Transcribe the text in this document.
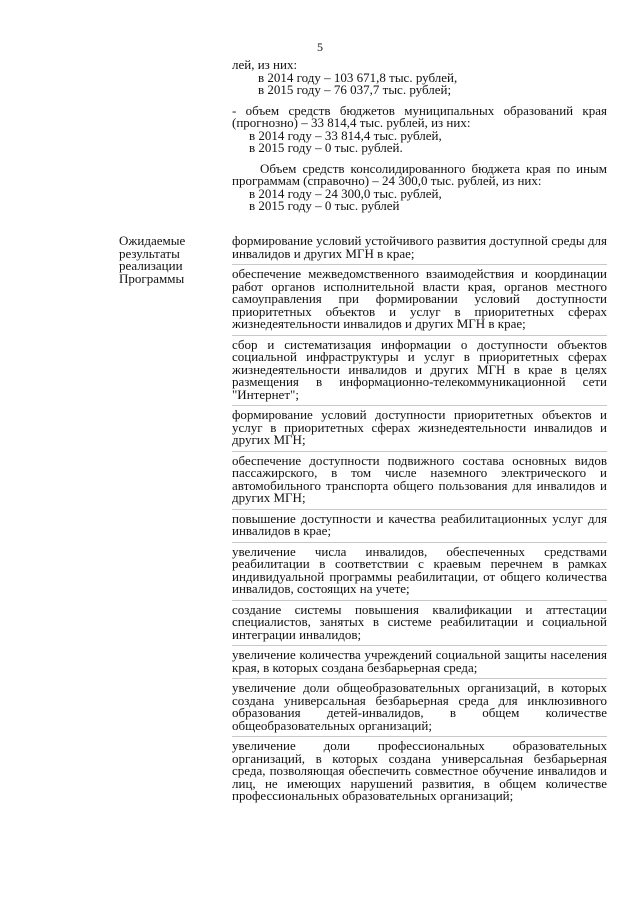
5
лей, из них:
в 2014 году – 103 671,8 тыс. рублей,
в 2015 году – 76 037,7 тыс. рублей;
- объем средств бюджетов муниципальных образований края (прогнозно) – 33 814,4 тыс. рублей, из них:
в 2014 году – 33 814,4 тыс. рублей,
в 2015 году – 0 тыс. рублей.
Объем средств консолидированного бюджета края по иным программам (справочно) – 24 300,0 тыс. рублей, из них:
в 2014 году – 24 300,0 тыс. рублей,
в 2015 году – 0 тыс. рублей
Ожидаемые результаты реализации Программы
формирование условий устойчивого развития доступной среды для инвалидов и других МГН в крае;
обеспечение межведомственного взаимодействия и координации работ органов исполнительной власти края, органов местного самоуправления при формировании условий доступности приоритетных объектов и услуг в приоритетных сферах жизнедеятельности инвалидов и других МГН в крае;
сбор и систематизация информации о доступности объектов социальной инфраструктуры и услуг в приоритетных сферах жизнедеятельности инвалидов и других МГН в крае в целях размещения в информационно-телекоммуникационной сети "Интернет";
формирование условий доступности приоритетных объектов и услуг в приоритетных сферах жизнедеятельности инвалидов и других МГН;
обеспечение доступности подвижного состава основных видов пассажирского, в том числе наземного электрического и автомобильного транспорта общего пользования для инвалидов и других МГН;
повышение доступности и качества реабилитационных услуг для инвалидов в крае;
увеличение числа инвалидов, обеспеченных средствами реабилитации в соответствии с краевым перечнем в рамках индивидуальной программы реабилитации, от общего количества инвалидов, состоящих на учете;
создание системы повышения квалификации и аттестации специалистов, занятых в системе реабилитации и социальной интеграции инвалидов;
увеличение количества учреждений социальной защиты населения края, в которых создана безбарьерная среда;
увеличение доли общеобразовательных организаций, в которых создана универсальная безбарьерная среда для инклюзивного образования детей-инвалидов, в общем количестве общеобразовательных организаций;
увеличение доли профессиональных образовательных организаций, в которых создана универсальная безбарьерная среда, позволяющая обеспечить совместное обучение инвалидов и лиц, не имеющих нарушений развития, в общем количестве профессиональных образовательных организаций;
